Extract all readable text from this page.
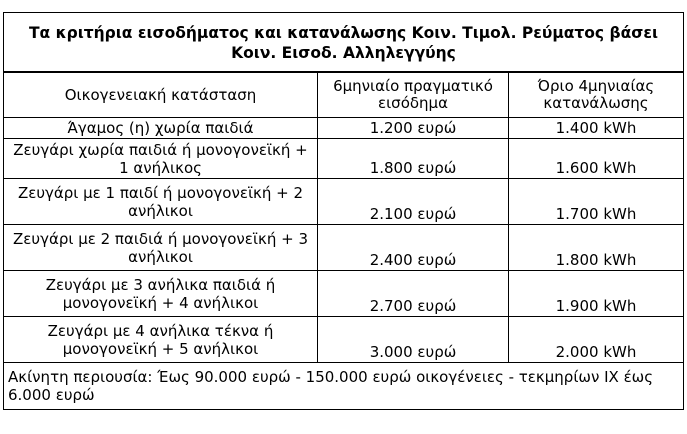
Τα κριτήρια εισοδήματος και κατανάλωσης Κοιν. Τιμολ. Ρεύματος βάσει Κοιν. Εισοδ. Αλληλεγγύης		
Οικογενειακή κατάσταση	6μηνιαίο πραγματικό εισόδημα	Όριο 4μηνιαίας κατανάλωσης
Άγαμος (η) χωρία παιδιά	1.200 ευρώ	1.400 kWh
Ζευγάρι χωρία παιδιά ή μονογονεϊκή + 1 ανήλικος	1.800 ευρώ	1.600 kWh
Ζευγάρι με 1 παιδί ή μονογονεϊκή + 2 ανήλικοι	2.100 ευρώ	1.700 kWh
Ζευγάρι με 2 παιδιά ή μονογονεϊκή + 3 ανήλικοι	2.400 ευρώ	1.800 kWh
Ζευγάρι με 3 ανήλικα παιδιά ή μονογονεϊκή + 4 ανήλικοι	2.700 ευρώ	1.900 kWh
Ζευγάρι με 4 ανήλικα τέκνα ή μονογονεϊκή + 5 ανήλικοι	3.000 ευρώ	2.000 kWh
Ακίνητη περιουσία: Έως 90.000 ευρώ - 150.000 ευρώ οικογένειες - τεκμηρίων ΙΧ έως 6.000 ευρώ		
